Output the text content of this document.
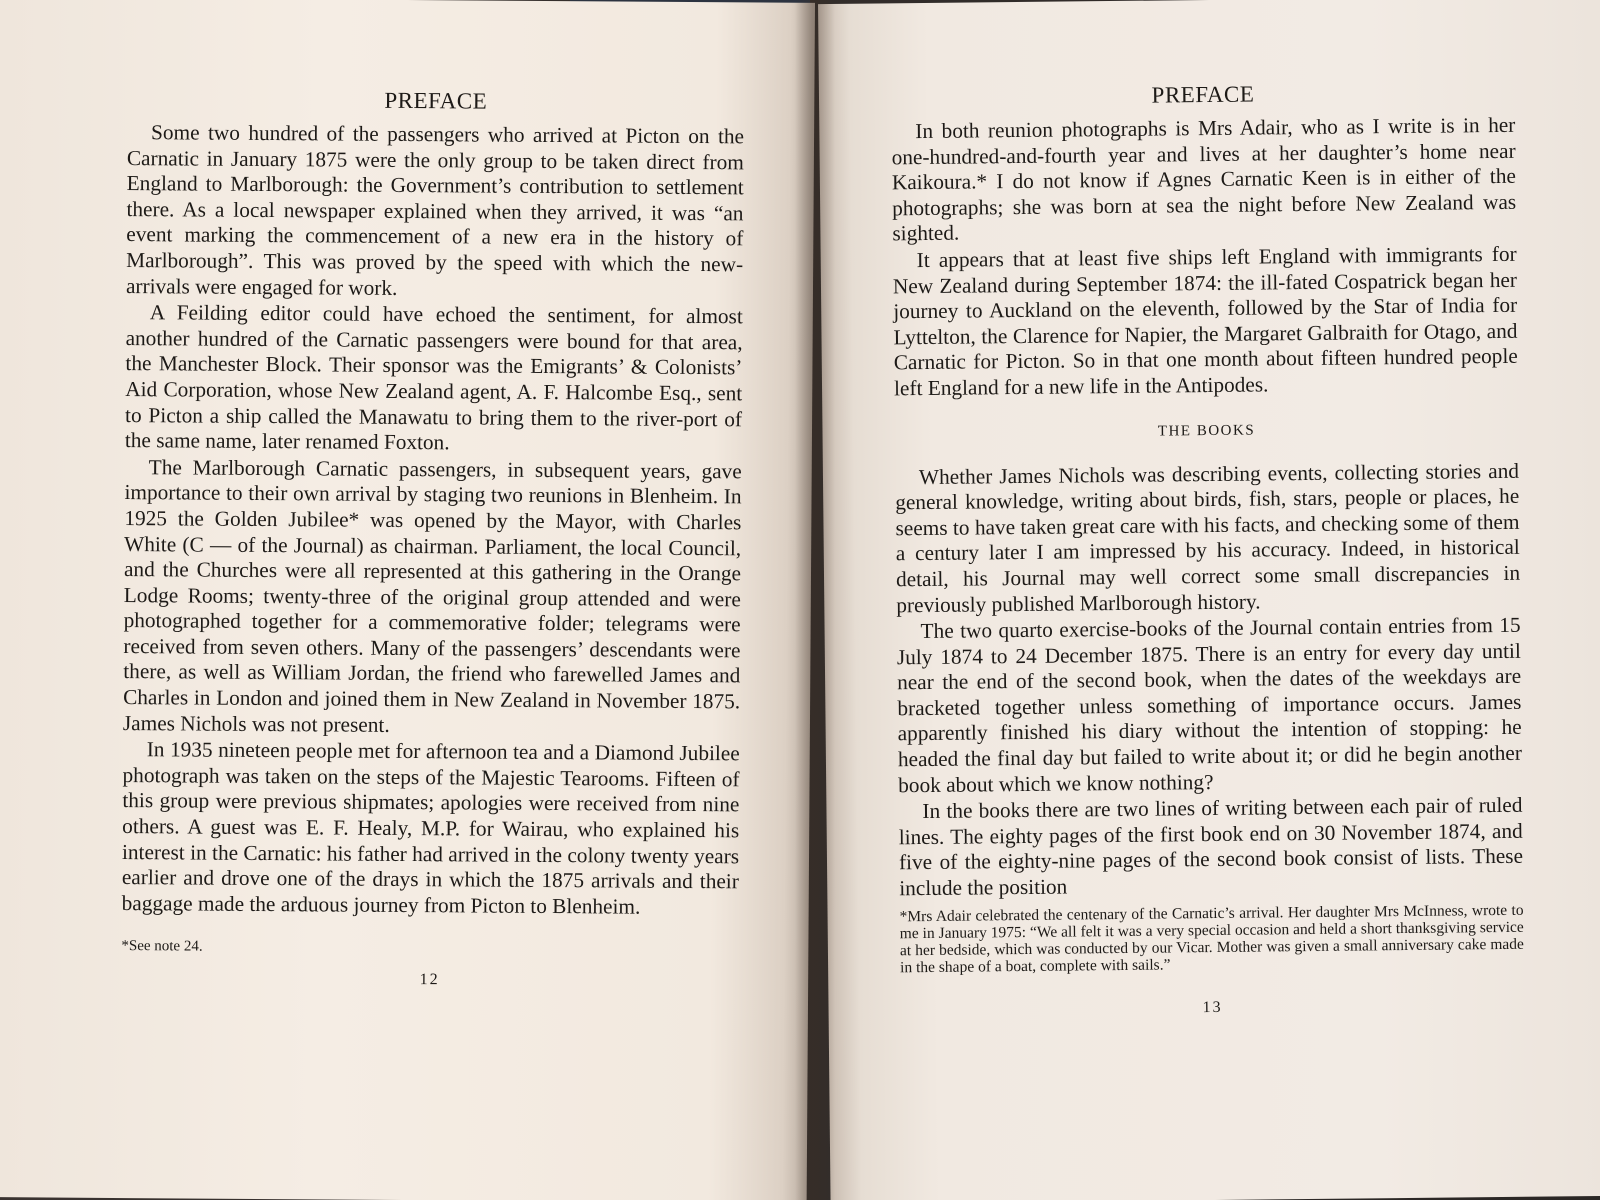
PREFACE

Some two hundred of the passengers who arrived at Picton on the Carnatic in January 1875 were the only group to be taken direct from England to Marlborough: the Government’s contribution to settlement there. As a local newspaper explained when they arrived, it was “an event marking the commencement of a new era in the history of Marlborough”. This was proved by the speed with which the new-arrivals were engaged for work.

A Feilding editor could have echoed the sentiment, for almost another hundred of the Carnatic passengers were bound for that area, the Manchester Block. Their sponsor was the Emigrants’ & Colonists’ Aid Corporation, whose New Zealand agent, A. F. Halcombe Esq., sent to Picton a ship called the Manawatu to bring them to the river-port of the same name, later renamed Foxton.

The Marlborough Carnatic passengers, in subsequent years, gave importance to their own arrival by staging two reunions in Blenheim. In 1925 the Golden Jubilee* was opened by the Mayor, with Charles White (C — of the Journal) as chairman. Parliament, the local Council, and the Churches were all represented at this gathering in the Orange Lodge Rooms; twenty-three of the original group attended and were photographed together for a commemorative folder; telegrams were received from seven others. Many of the passengers’ descendants were there, as well as William Jordan, the friend who farewelled James and Charles in London and joined them in New Zealand in November 1875. James Nichols was not present.

In 1935 nineteen people met for afternoon tea and a Diamond Jubilee photograph was taken on the steps of the Majestic Tearooms. Fifteen of this group were previous shipmates; apologies were received from nine others. A guest was E. F. Healy, M.P. for Wairau, who explained his interest in the Carnatic: his father had arrived in the colony twenty years earlier and drove one of the drays in which the 1875 arrivals and their baggage made the arduous journey from Picton to Blenheim.

*See note 24.
12
PREFACE

In both reunion photographs is Mrs Adair, who as I write is in her one-hundred-and-fourth year and lives at her daughter’s home near Kaikoura.* I do not know if Agnes Carnatic Keen is in either of the photographs; she was born at sea the night before New Zealand was sighted.

It appears that at least five ships left England with immigrants for New Zealand during September 1874: the ill-fated Cospatrick began her journey to Auckland on the eleventh, followed by the Star of India for Lyttelton, the Clarence for Napier, the Margaret Galbraith for Otago, and Carnatic for Picton. So in that one month about fifteen hundred people left England for a new life in the Antipodes.

THE BOOKS

Whether James Nichols was describing events, collecting stories and general knowledge, writing about birds, fish, stars, people or places, he seems to have taken great care with his facts, and checking some of them a century later I am impressed by his accuracy. Indeed, in historical detail, his Journal may well correct some small discrepancies in previously published Marlborough history.

The two quarto exercise-books of the Journal contain entries from 15 July 1874 to 24 December 1875. There is an entry for every day until near the end of the second book, when the dates of the weekdays are bracketed together unless something of importance occurs. James apparently finished his diary without the intention of stopping: he headed the final day but failed to write about it; or did he begin another book about which we know nothing?

In the books there are two lines of writing between each pair of ruled lines. The eighty pages of the first book end on 30 November 1874, and five of the eighty-nine pages of the second book consist of lists. These include the position

*Mrs Adair celebrated the centenary of the Carnatic’s arrival. Her daughter Mrs McInness, wrote to me in January 1975: “We all felt it was a very special occasion and held a short thanksgiving service at her bedside, which was conducted by our Vicar. Mother was given a small anniversary cake made in the shape of a boat, complete with sails.”
13
